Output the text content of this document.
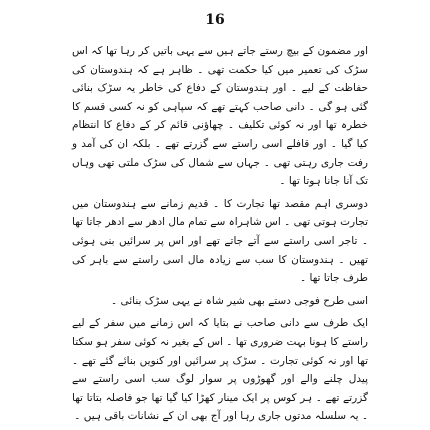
16

اور مضمون کے بیچ رستے جاتے ہیں سے یہی باتیں کر رہا تھا کہ اس سڑک کی تعمیر میں کیا حکمت تھی ۔ ظاہر ہے کہ ہندوستان کی حفاظت کے لیے ۔ اور ہندوستان کے دفاع کی خاطر یہ سڑک بنائی گئی ہو گی ۔ دانی صاحب کہتے تھے کہ سپاہی کو نہ کسی قسم کا خطرہ تھا اور نہ کوئی تکلیف ۔ چھاؤنی قائم کر کے دفاع کا انتظام کیا گیا ۔ اور قافلے اسی راستے سے گزرتے تھے ۔ بلکہ ان کی آمد و رفت جاری رہتی تھی ۔ جہاں سے شمال کی سڑک ملتی تھی وہاں تک آنا جانا ہوتا تھا ۔

دوسری اہم مقصد تھا تجارت کا ۔ قدیم زمانے سے ہندوستان میں تجارت ہوتی تھی ۔ اس شاہراہ سے تمام مال ادھر سے ادھر جاتا تھا ۔ تاجر اسی راستے سے آتے جاتے تھے اور اس پر سرائیں بنی ہوئی تھیں ۔ ہندوستان کا سب سے زیادہ مال اسی راستے سے باہر کی طرف جاتا تھا ۔

اسی طرح فوجی دستے بھی شیر شاہ نے یہی سڑک بنائی ۔

ایک طرف سے دانی صاحب نے بتایا کہ اس زمانے میں سفر کے لیے راستے کا ہونا بہت ضروری تھا ۔ اس کے بغیر نہ کوئی سفر ہو سکتا تھا اور نہ کوئی تجارت ۔ سڑک پر سرائیں اور کنویں بنائے گئے تھے ۔ پیدل چلنے والے اور گھوڑوں پر سوار لوگ سب اسی راستے سے گزرتے تھے ۔ ہر کوس پر ایک مینار کھڑا کیا گیا تھا جو فاصلہ بتاتا تھا ۔ یہ سلسلہ مدتوں جاری رہا اور آج بھی ان کے نشانات باقی ہیں ۔
